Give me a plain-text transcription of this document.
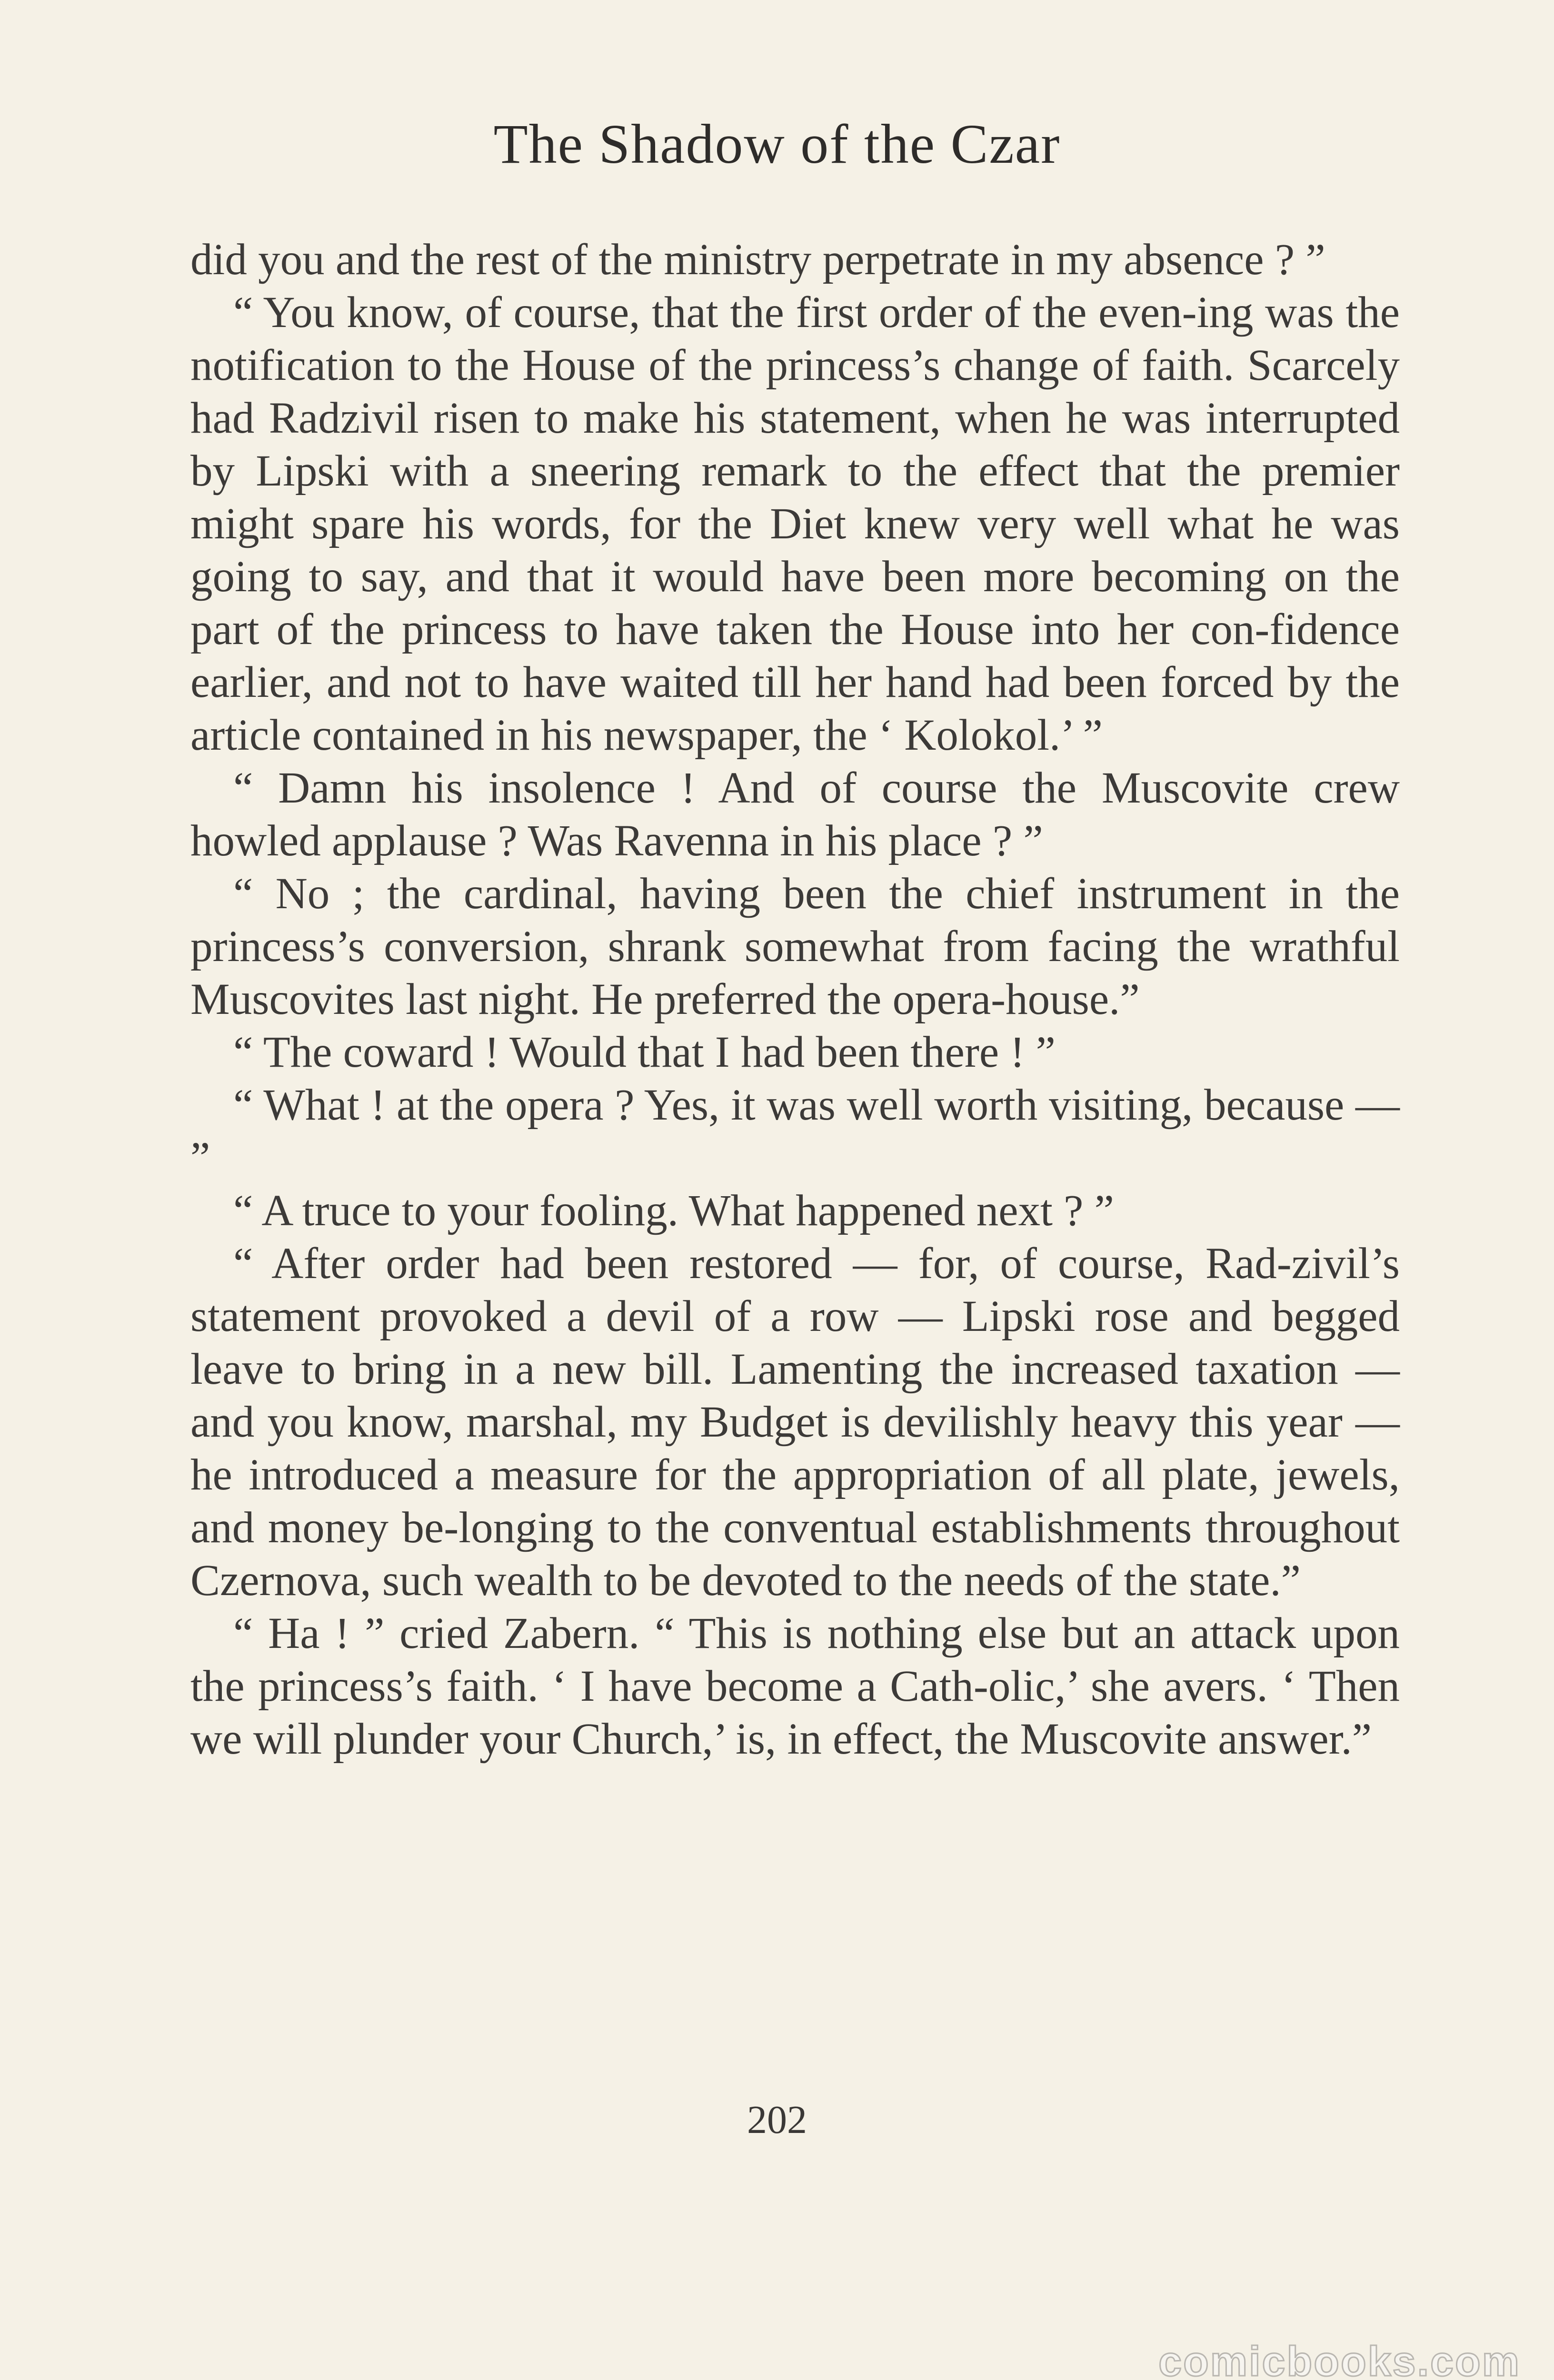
The Shadow of the Czar

did you and the rest of the ministry perpetrate in my absence ? ”

“ You know, of course, that the first order of the even-ing was the notification to the House of the princess’s change of faith. Scarcely had Radzivil risen to make his statement, when he was interrupted by Lipski with a sneering remark to the effect that the premier might spare his words, for the Diet knew very well what he was going to say, and that it would have been more becoming on the part of the princess to have taken the House into her con-fidence earlier, and not to have waited till her hand had been forced by the article contained in his newspaper, the ‘ Kolokol.’ ”

“ Damn his insolence ! And of course the Muscovite crew howled applause ? Was Ravenna in his place ? ”

“ No ; the cardinal, having been the chief instrument in the princess’s conversion, shrank somewhat from facing the wrathful Muscovites last night. He preferred the opera-house.”

“ The coward ! Would that I had been there ! ”

“ What ! at the opera ? Yes, it was well worth visiting, because — ”

“ A truce to your fooling. What happened next ? ”

“ After order had been restored — for, of course, Rad-zivil’s statement provoked a devil of a row — Lipski rose and begged leave to bring in a new bill. Lamenting the increased taxation — and you know, marshal, my Budget is devilishly heavy this year — he introduced a measure for the appropriation of all plate, jewels, and money be-longing to the conventual establishments throughout Czernova, such wealth to be devoted to the needs of the state.”

“ Ha ! ” cried Zabern. “ This is nothing else but an attack upon the princess’s faith. ‘ I have become a Cath-olic,’ she avers. ‘ Then we will plunder your Church,’ is, in effect, the Muscovite answer.”

202
comicbooks.com
